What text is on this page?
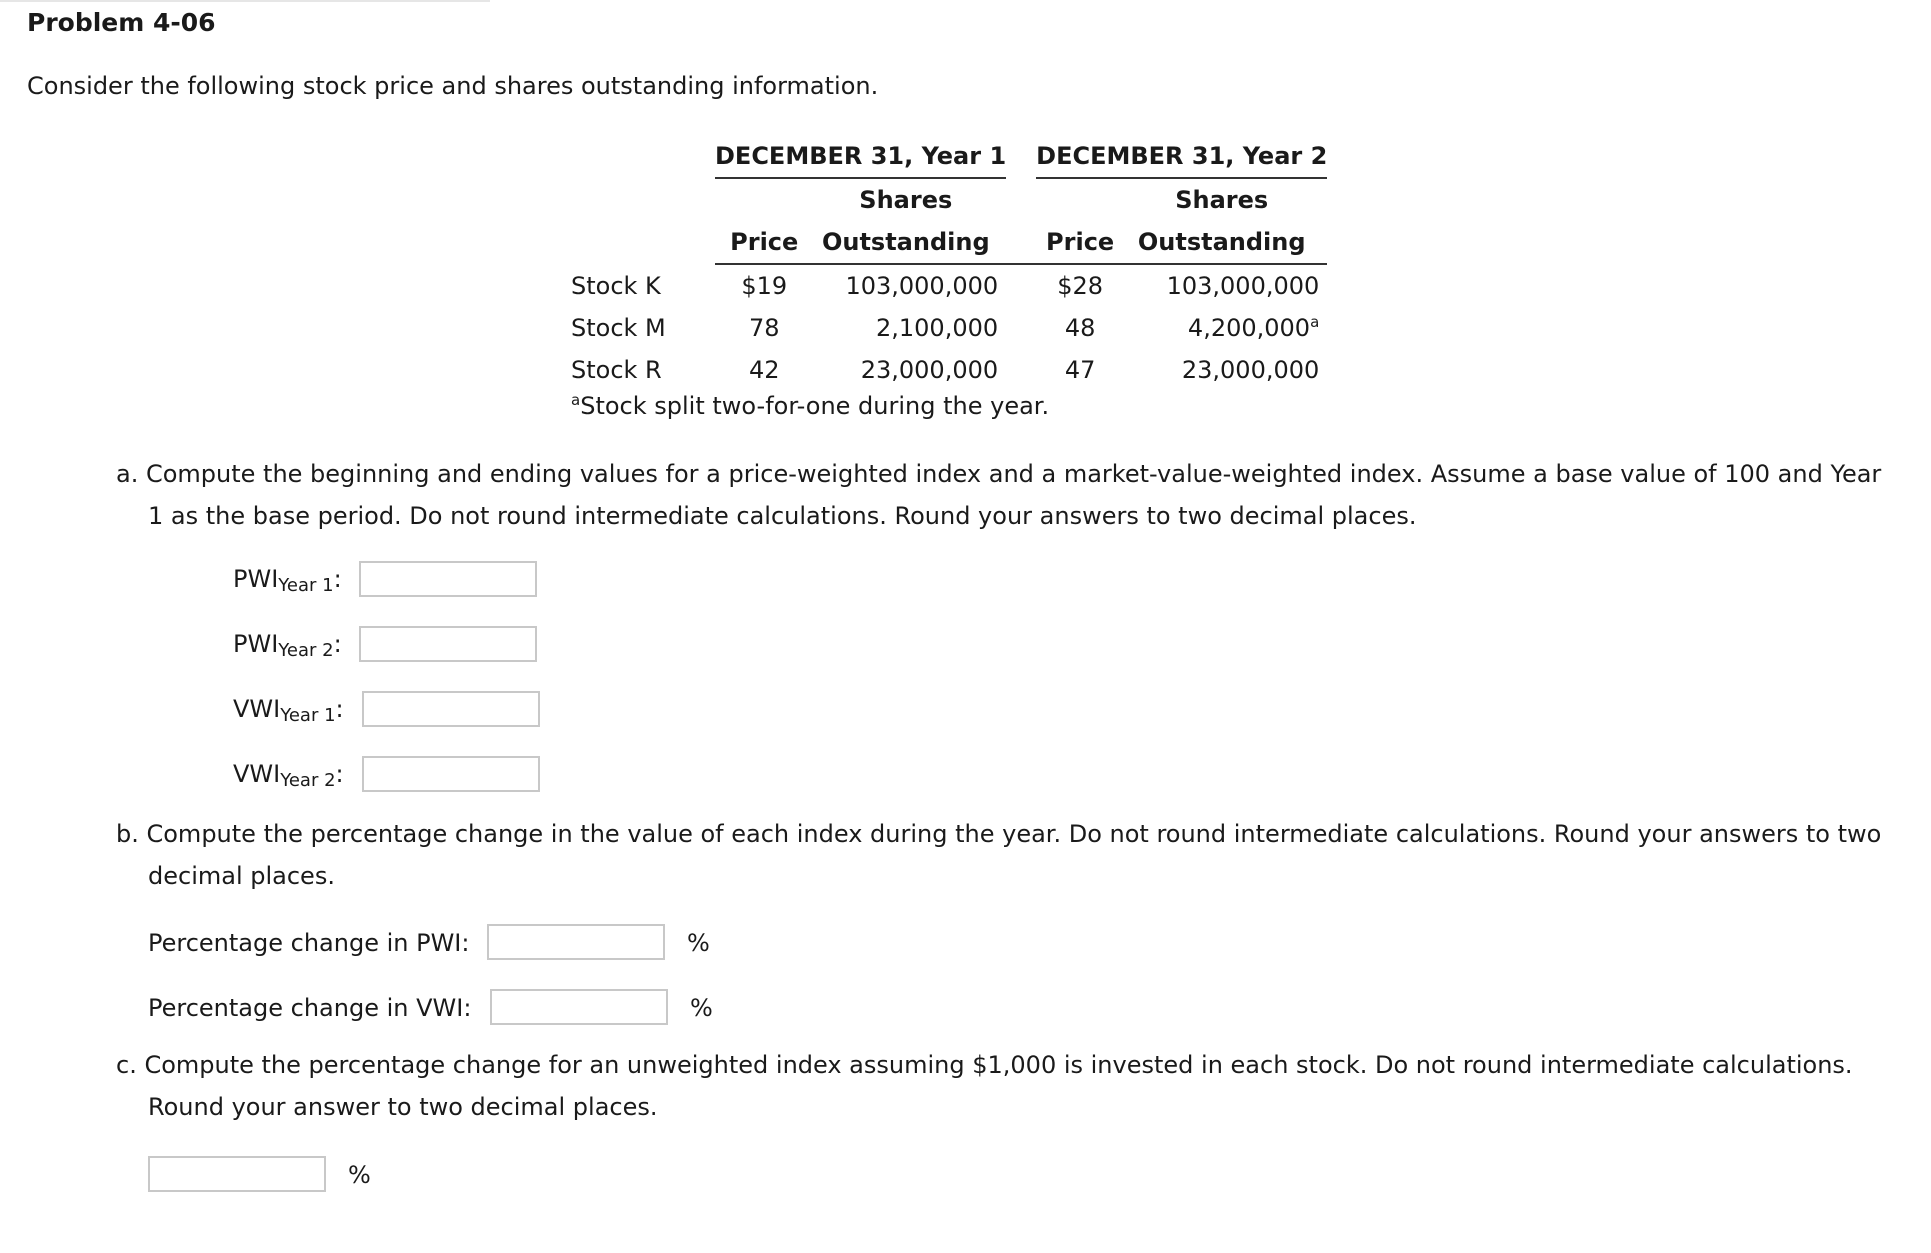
Problem 4-06

Consider the following stock price and shares outstanding information.

	DECEMBER 31, Year 1			DECEMBER 31, Year 2	
		Shares			Shares
	Price	Outstanding		Price	Outstanding
Stock K	$19	103,000,000		$28	103,000,000
Stock M	78	2,100,000		48	4,200,000$^a$
Stock R	42	23,000,000		47	23,000,000

$^a$Stock split two-for-one during the year.

a. Compute the beginning and ending values for a price-weighted index and a market-value-weighted index. Assume a base value of 100 and Year

1 as the base period. Do not round intermediate calculations. Round your answers to two decimal places.

$PWI_{Year 1}$:
$PWI_{Year 2}$:
$VWI_{Year 1}$:
$VWI_{Year 2}$:

b. Compute the percentage change in the value of each index during the year. Do not round intermediate calculations. Round your answers to two

decimal places.

Percentage change in PWI:	%
Percentage change in VWI:	%

c. Compute the percentage change for an unweighted index assuming $1,000 is invested in each stock. Do not round intermediate calculations.

Round your answer to two decimal places.

%
